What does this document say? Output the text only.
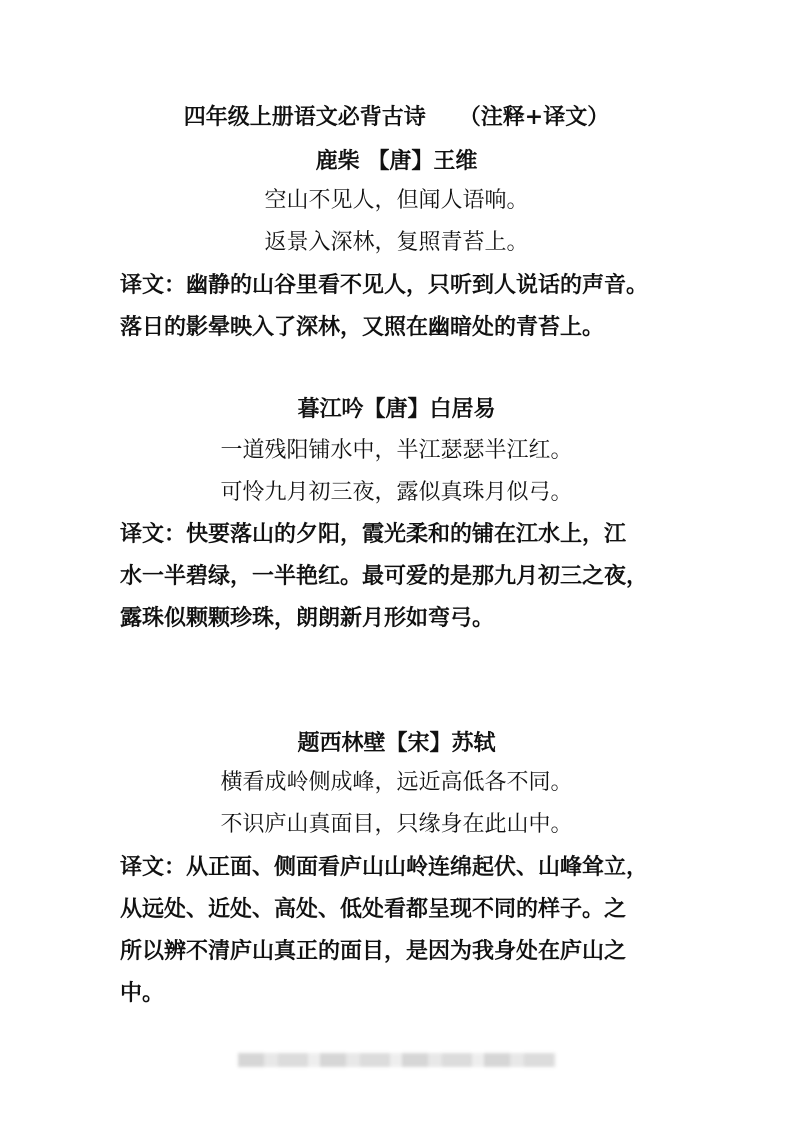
四年级上册语文必背古诗　　（注释+译文）
鹿柴 【唐】王维
空山不见人，但闻人语响。
返景入深林，复照青苔上。
译文：幽静的山谷里看不见人，只听到人说话的声音。
落日的影晕映入了深林，又照在幽暗处的青苔上。
暮江吟【唐】白居易
一道残阳铺水中，半江瑟瑟半江红。
可怜九月初三夜，露似真珠月似弓。
译文：快要落山的夕阳，霞光柔和的铺在江水上，江
水一半碧绿，一半艳红。最可爱的是那九月初三之夜，
露珠似颗颗珍珠，朗朗新月形如弯弓。
题西林壁【宋】苏轼
横看成岭侧成峰，远近高低各不同。
不识庐山真面目，只缘身在此山中。
译文：从正面、侧面看庐山山岭连绵起伏、山峰耸立，
从远处、近处、高处、低处看都呈现不同的样子。之
所以辨不清庐山真正的面目，是因为我身处在庐山之
中。
